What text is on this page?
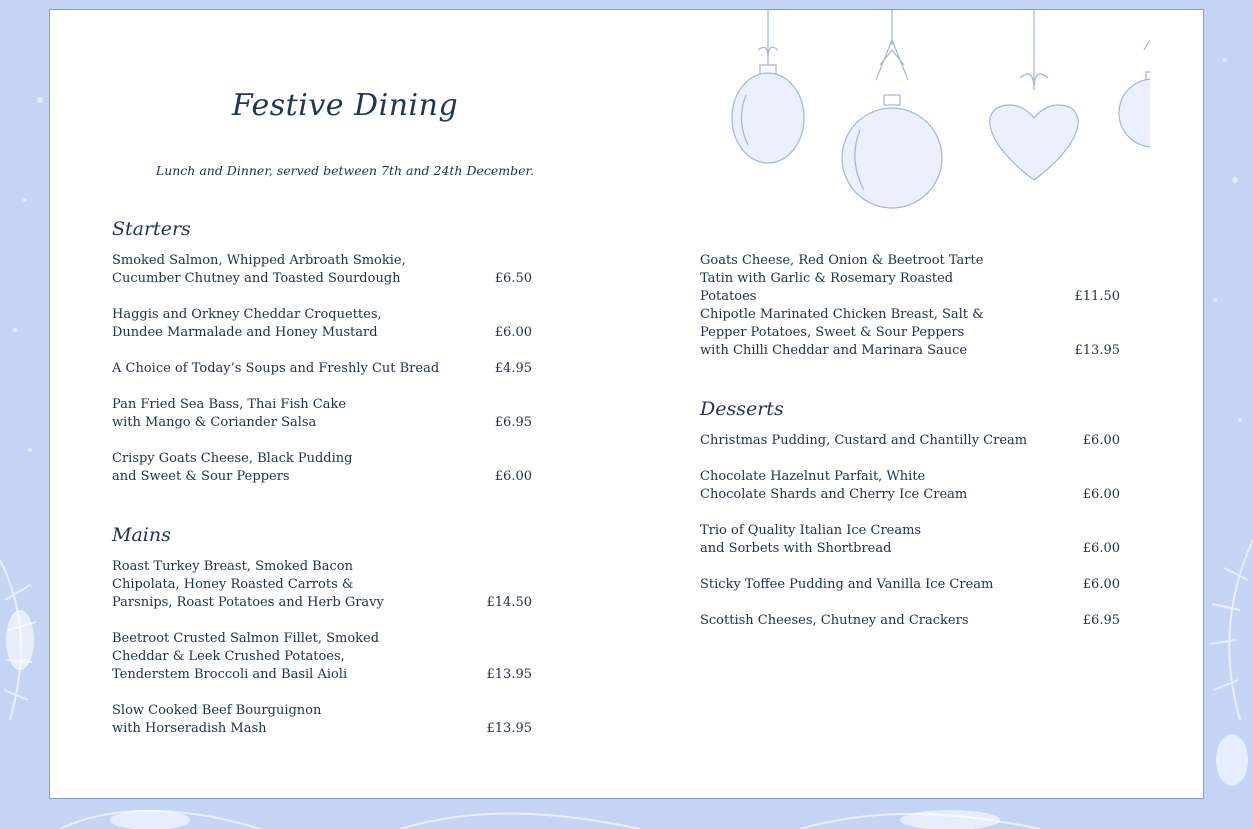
Festive Dining

Lunch and Dinner, served between 7th and 24th December.

Starters
Smoked Salmon, Whipped Arbroath Smokie, Cucumber Chutney and Toasted Sourdough	£6.50
Haggis and Orkney Cheddar Croquettes, Dundee Marmalade and Honey Mustard	£6.00
A Choice of Today’s Soups and Freshly Cut Bread	£4.95
Pan Fried Sea Bass, Thai Fish Cake with Mango & Coriander Salsa	£6.95
Crispy Goats Cheese, Black Pudding and Sweet & Sour Peppers	£6.00
Mains
Roast Turkey Breast, Smoked Bacon Chipolata, Honey Roasted Carrots & Parsnips, Roast Potatoes and Herb Gravy	£14.50
Beetroot Crusted Salmon Fillet, Smoked Cheddar & Leek Crushed Potatoes, Tenderstem Broccoli and Basil Aioli	£13.95
Slow Cooked Beef Bourguignon with Horseradish Mash	£13.95
Goats Cheese, Red Onion & Beetroot Tarte Tatin with Garlic & Rosemary Roasted Potatoes	£11.50
Chipotle Marinated Chicken Breast, Salt & Pepper Potatoes, Sweet & Sour Peppers with Chilli Cheddar and Marinara Sauce	£13.95
Desserts
Christmas Pudding, Custard and Chantilly Cream	£6.00
Chocolate Hazelnut Parfait, White Chocolate Shards and Cherry Ice Cream	£6.00
Trio of Quality Italian Ice Creams and Sorbets with Shortbread	£6.00
Sticky Toffee Pudding and Vanilla Ice Cream	£6.00
Scottish Cheeses, Chutney and Crackers	£6.95
